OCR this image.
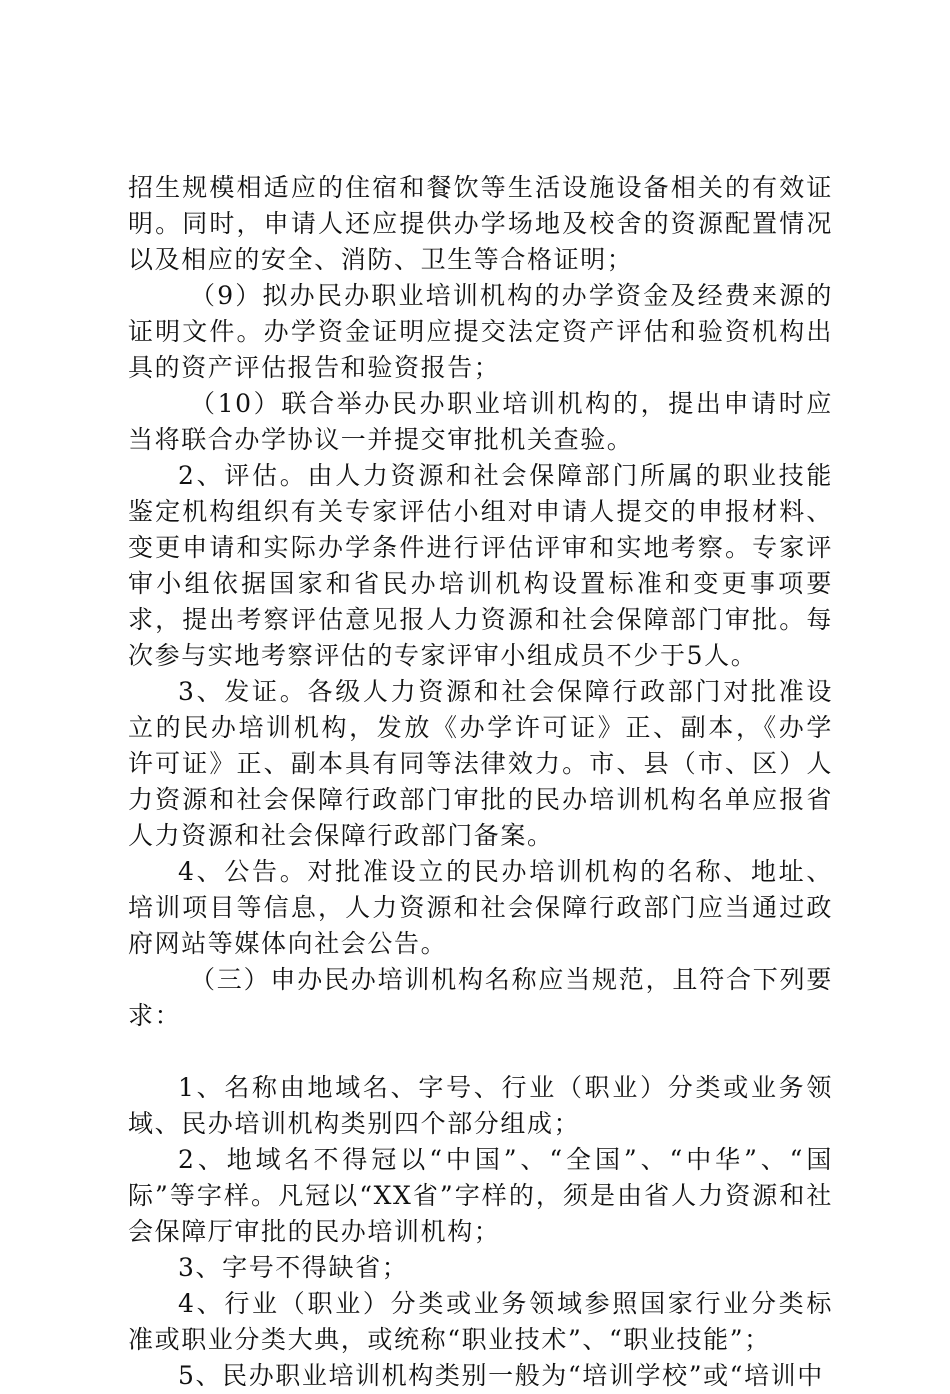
招生规模相适应的住宿和餐饮等生活设施设备相关的有效证明。同时，申请人还应提供办学场地及校舍的资源配置情况以及相应的安全、消防、卫生等合格证明；

（9）拟办民办职业培训机构的办学资金及经费来源的证明文件。办学资金证明应提交法定资产评估和验资机构出具的资产评估报告和验资报告；

（10）联合举办民办职业培训机构的，提出申请时应当将联合办学协议一并提交审批机关查验。

2、评估。由人力资源和社会保障部门所属的职业技能鉴定机构组织有关专家评估小组对申请人提交的申报材料、变更申请和实际办学条件进行评估评审和实地考察。专家评审小组依据国家和省民办培训机构设置标准和变更事项要求，提出考察评估意见报人力资源和社会保障部门审批。每次参与实地考察评估的专家评审小组成员不少于5人。

3、发证。各级人力资源和社会保障行政部门对批准设立的民办培训机构，发放《办学许可证》正、副本，《办学许可证》正、副本具有同等法律效力。市、县（市、区）人力资源和社会保障行政部门审批的民办培训机构名单应报省人力资源和社会保障行政部门备案。

4、公告。对批准设立的民办培训机构的名称、地址、培训项目等信息，人力资源和社会保障行政部门应当通过政府网站等媒体向社会公告。

（三）申办民办培训机构名称应当规范，且符合下列要求：

1、名称由地域名、字号、行业（职业）分类或业务领域、民办培训机构类别四个部分组成；

2、地域名不得冠以“中国”、“全国”、“中华”、“国际”等字样。凡冠以“XX省”字样的，须是由省人力资源和社会保障厅审批的民办培训机构；

3、字号不得缺省；

4、行业（职业）分类或业务领域参照国家行业分类标准或职业分类大典，或统称“职业技术”、“职业技能”；

5、民办职业培训机构类别一般为“培训学校”或“培训中
